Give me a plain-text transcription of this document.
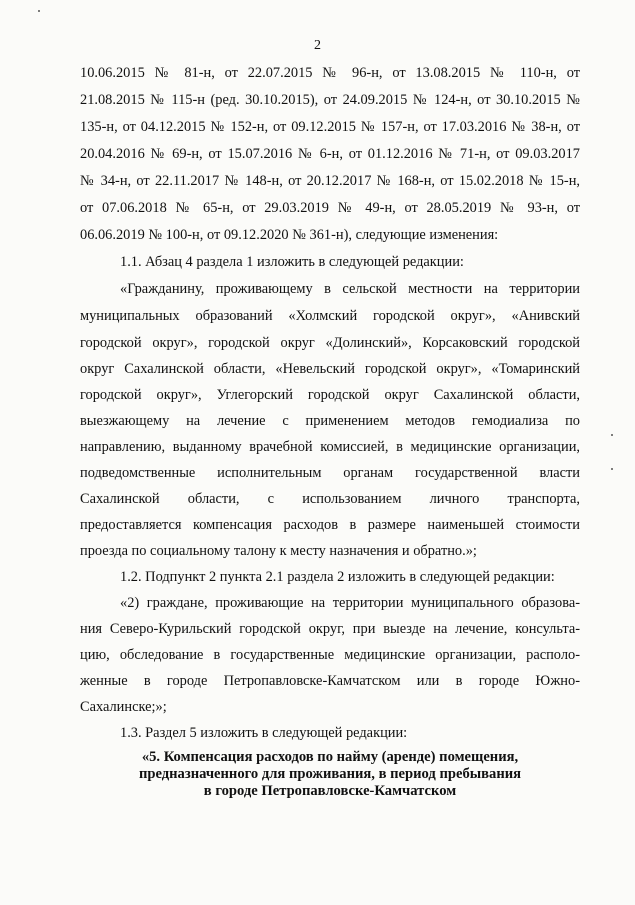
2
10.06.2015 № 81-н, от 22.07.2015 № 96-н, от 13.08.2015 № 110-н, от
21.08.2015 № 115-н (ред. 30.10.2015), от 24.09.2015 № 124-н, от 30.10.2015 №
135-н, от 04.12.2015 № 152-н, от 09.12.2015 № 157-н, от 17.03.2016 № 38-н, от
20.04.2016 № 69-н, от 15.07.2016 № 6-н, от 01.12.2016 № 71-н, от 09.03.2017
№ 34-н, от 22.11.2017 № 148-н, от 20.12.2017 № 168-н, от 15.02.2018 № 15-н,
от 07.06.2018 № 65-н, от 29.03.2019 № 49-н, от 28.05.2019 № 93-н, от
06.06.2019 № 100-н, от 09.12.2020 № 361-н), следующие изменения:
1.1. Абзац 4 раздела 1 изложить в следующей редакции:
«Гражданину, проживающему в сельской местности на территории
муниципальных образований «Холмский городской округ», «Анивский
городской округ», городской округ «Долинский», Корсаковский городской
округ Сахалинской области, «Невельский городской округ», «Томаринский
городской округ», Углегорский городской округ Сахалинской области,
выезжающему на лечение с применением методов гемодиализа по
направлению, выданному врачебной комиссией, в медицинские организации,
подведомственные исполнительным органам государственной власти
Сахалинской области, с использованием личного транспорта,
предоставляется компенсация расходов в размере наименьшей стоимости
проезда по социальному талону к месту назначения и обратно.»;
1.2. Подпункт 2 пункта 2.1 раздела 2 изложить в следующей редакции:
«2) граждане, проживающие на территории муниципального образова-
ния Северо-Курильский городской округ, при выезде на лечение, консульта-
цию, обследование в государственные медицинские организации, располо-
женные в городе Петропавловске-Камчатском или в городе Южно-
Сахалинске;»;
1.3. Раздел 5 изложить в следующей редакции:
«5. Компенсация расходов по найму (аренде) помещения,
предназначенного для проживания, в период пребывания
в городе Петропавловске-Камчатском
